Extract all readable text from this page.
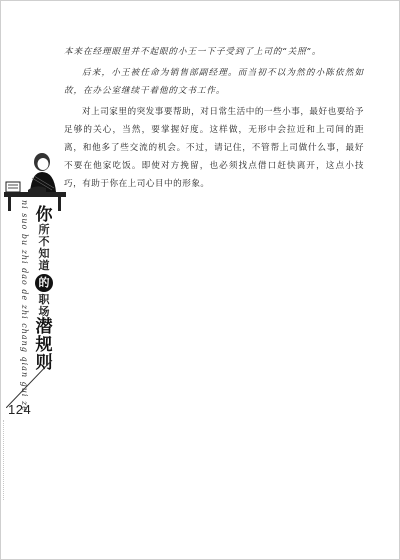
本来在经理眼里并不起眼的小王一下子受到了上司的“关照”。

后来，小王被任命为销售部副经理。而当初不以为然的小陈依然如故，在办公室继续干着他的文书工作。

对上司家里的突发事要帮助，对日常生活中的一些小事，最好也要给予足够的关心，当然，要掌握好度。这样做，无形中会拉近和上司间的距离，和他多了些交流的机会。不过，请记住，不管帮上司做什么事，最好不要在他家吃饭。即使对方挽留，也必须找点借口赶快离开，这点小技巧，有助于你在上司心目中的形象。

ni suo bu zhi dao de zhi chang qian gui ze 你
所
不
知
道
的
职
场
潜
规
则
124
